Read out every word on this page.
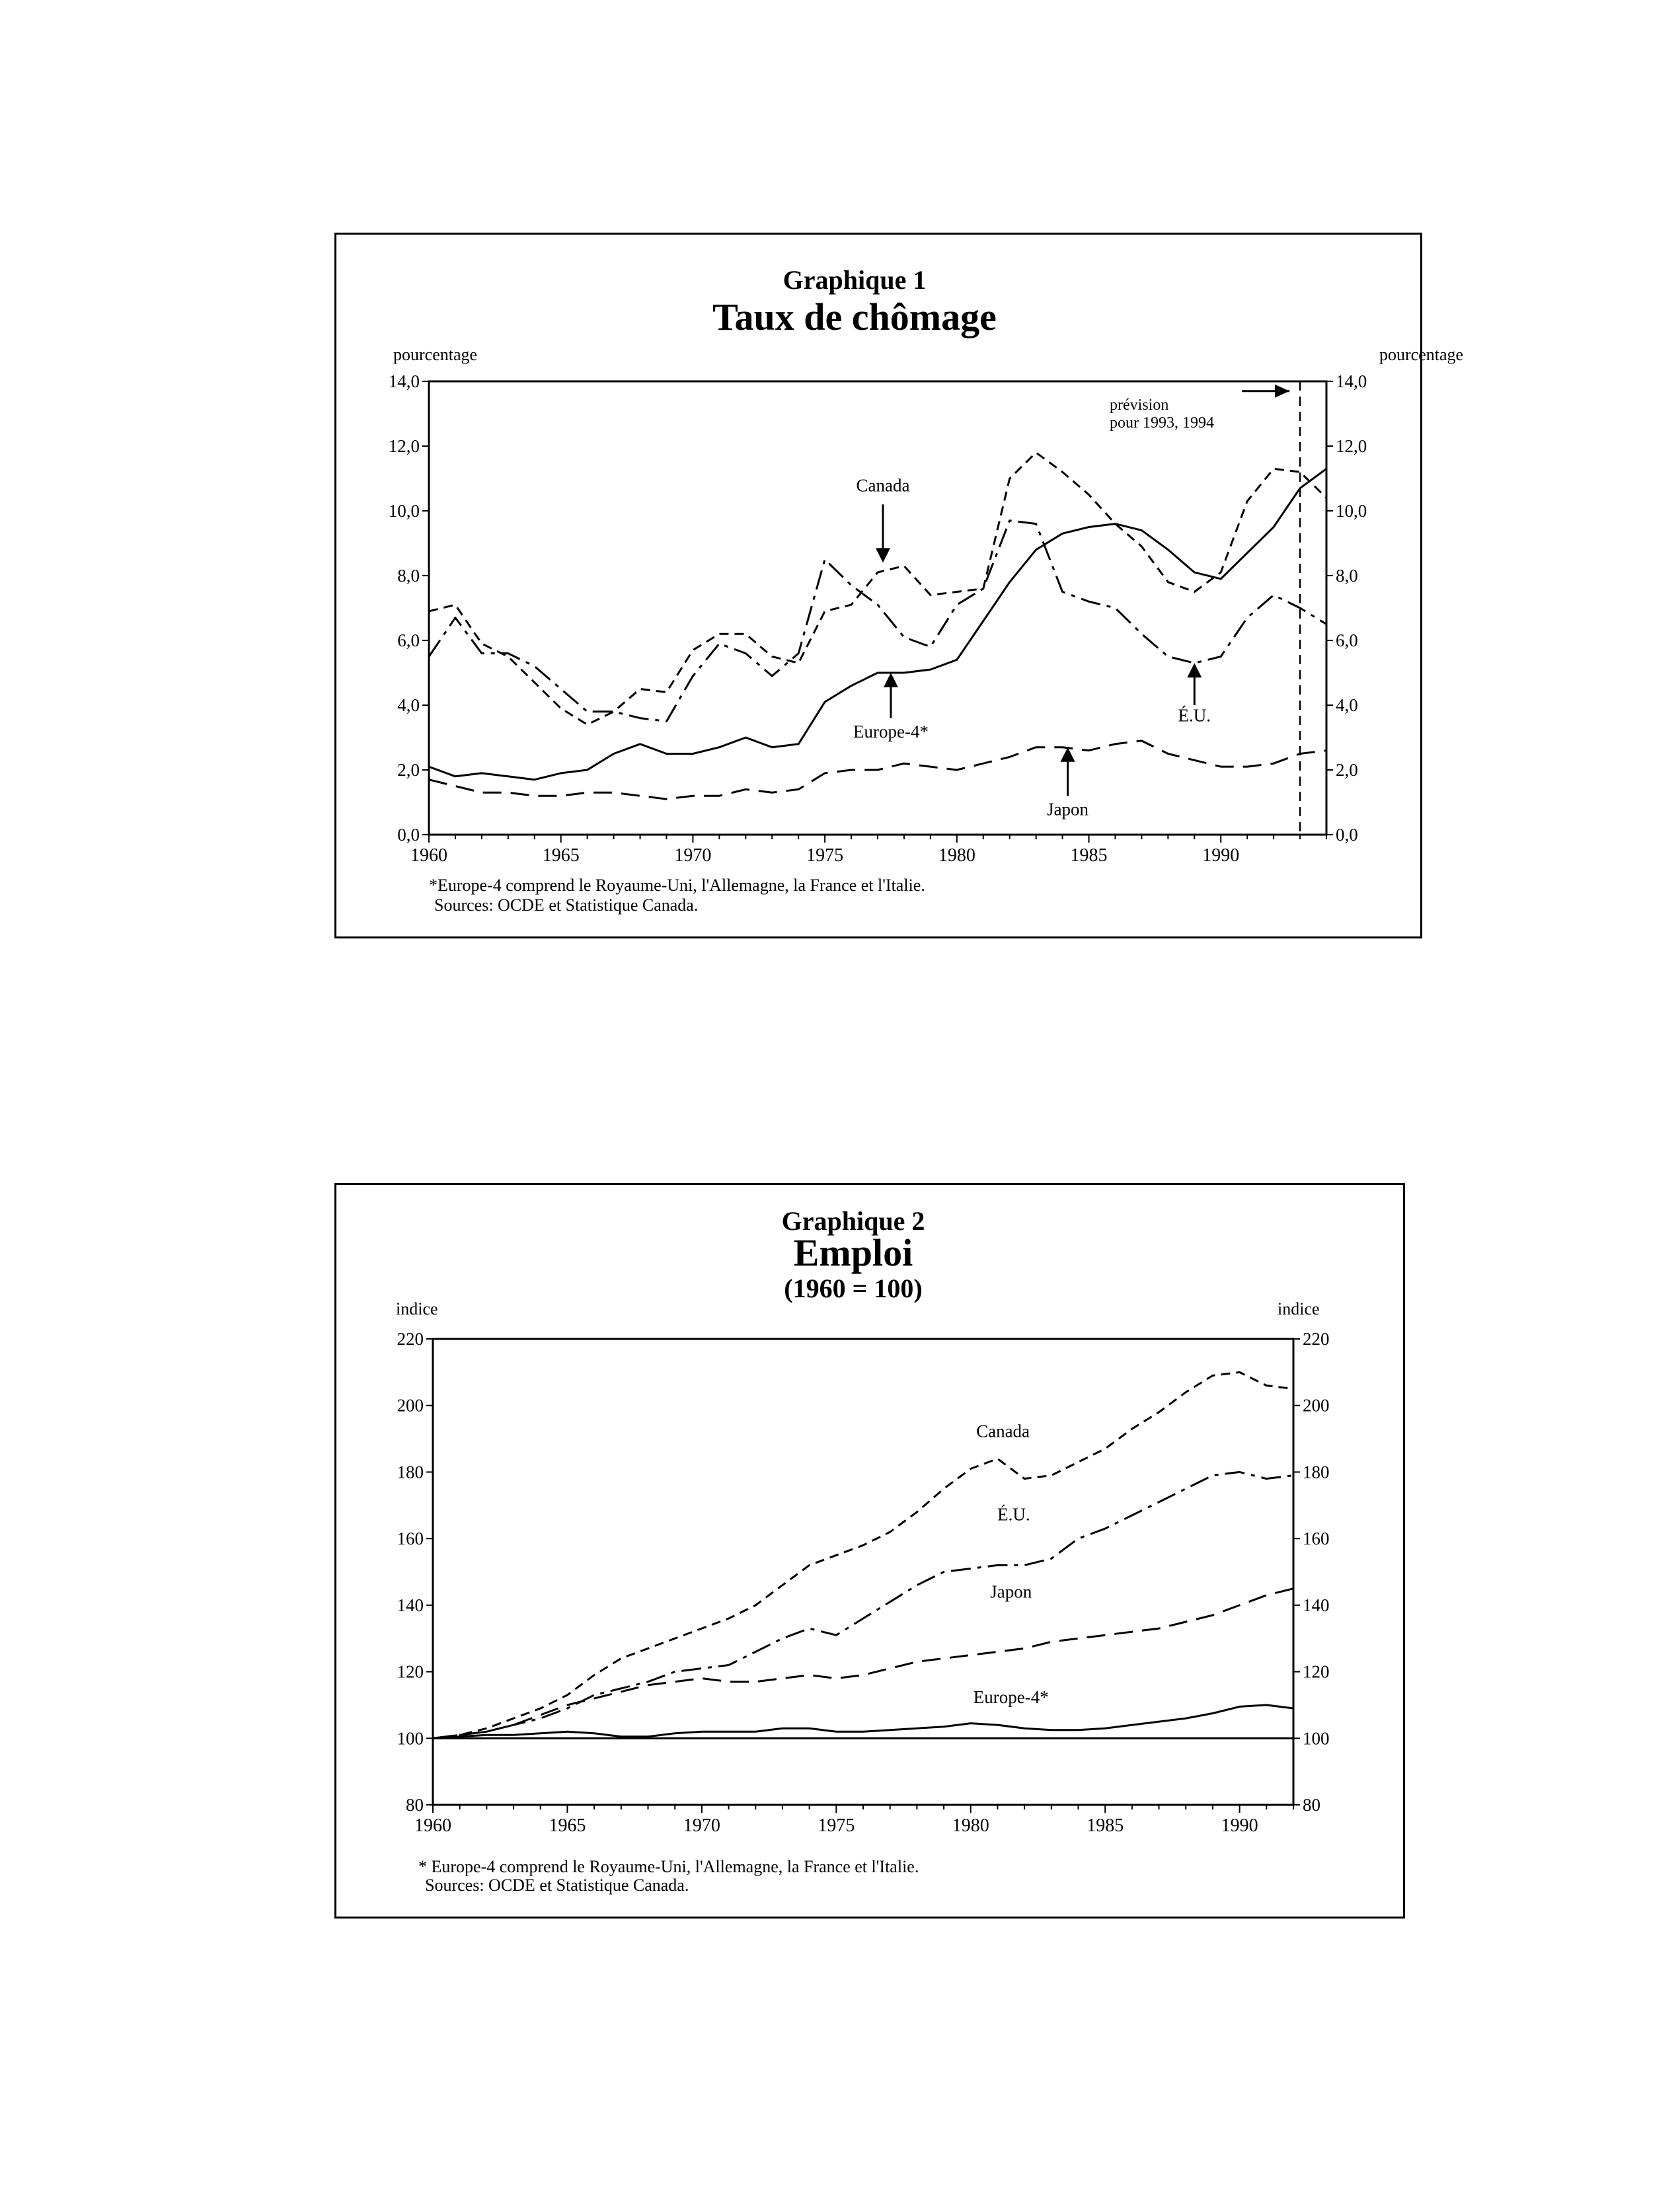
Graphique 1
Taux de chômage
pourcentage	pourcentage
prévision
pour 1993, 1994
*Europe-4 comprend le Royaume-Uni, l'Allemagne, la France et l'Italie.
Sources: OCDE et Statistique Canada.
0,0	0,0
2,0	2,0
4,0	4,0
6,0	6,0
8,0	8,0
10,0	10,0
12,0	12,0
14,0	14,0
1960	1965	1970	1975	1980	1985	1990
Canada
Europe-4*
É.U.
Japon
Graphique 2
Emploi
(1960 = 100)
indice	indice
* Europe-4 comprend le Royaume-Uni, l'Allemagne, la France et l'Italie.
Sources: OCDE et Statistique Canada.
80	80
100	100
120	120
140	140
160	160
180	180
200	200
220	220
1960	1965	1970	1975	1980	1985	1990
Canada
É.U.
Japon
Europe-4*
